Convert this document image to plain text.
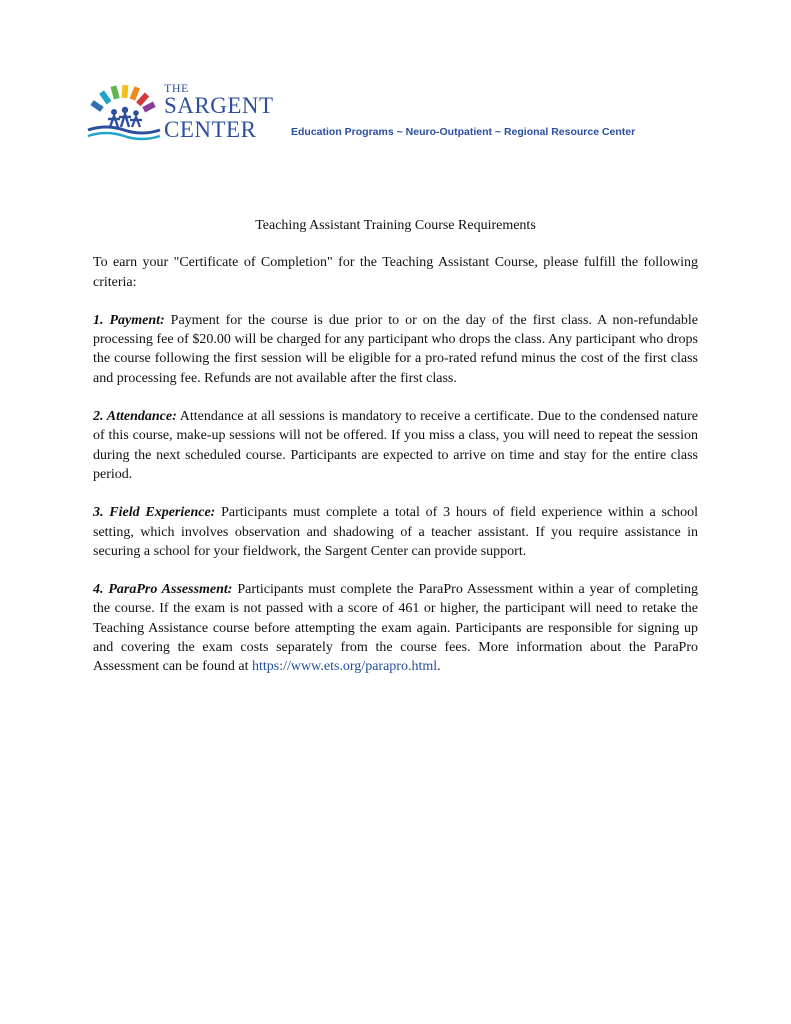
THE
SARGENT
CENTER	Education Programs ~ Neuro-Outpatient ~ Regional Resource Center
Teaching Assistant Training Course Requirements

To earn your "Certificate of Completion" for the Teaching Assistant Course, please fulfill the following criteria:

1. Payment: Payment for the course is due prior to or on the day of the first class. A non-refundable processing fee of $20.00 will be charged for any participant who drops the class. Any participant who drops the course following the first session will be eligible for a pro-rated refund minus the cost of the first class and processing fee. Refunds are not available after the first class.

2. Attendance: Attendance at all sessions is mandatory to receive a certificate. Due to the condensed nature of this course, make-up sessions will not be offered. If you miss a class, you will need to repeat the session during the next scheduled course. Participants are expected to arrive on time and stay for the entire class period.

3. Field Experience: Participants must complete a total of 3 hours of field experience within a school setting, which involves observation and shadowing of a teacher assistant. If you require assistance in securing a school for your fieldwork, the Sargent Center can provide support.

4. ParaPro Assessment: Participants must complete the ParaPro Assessment within a year of completing the course. If the exam is not passed with a score of 461 or higher, the participant will need to retake the Teaching Assistance course before attempting the exam again. Participants are responsible for signing up and covering the exam costs separately from the course fees. More information about the ParaPro Assessment can be found at https://www.ets.org/parapro.html.
